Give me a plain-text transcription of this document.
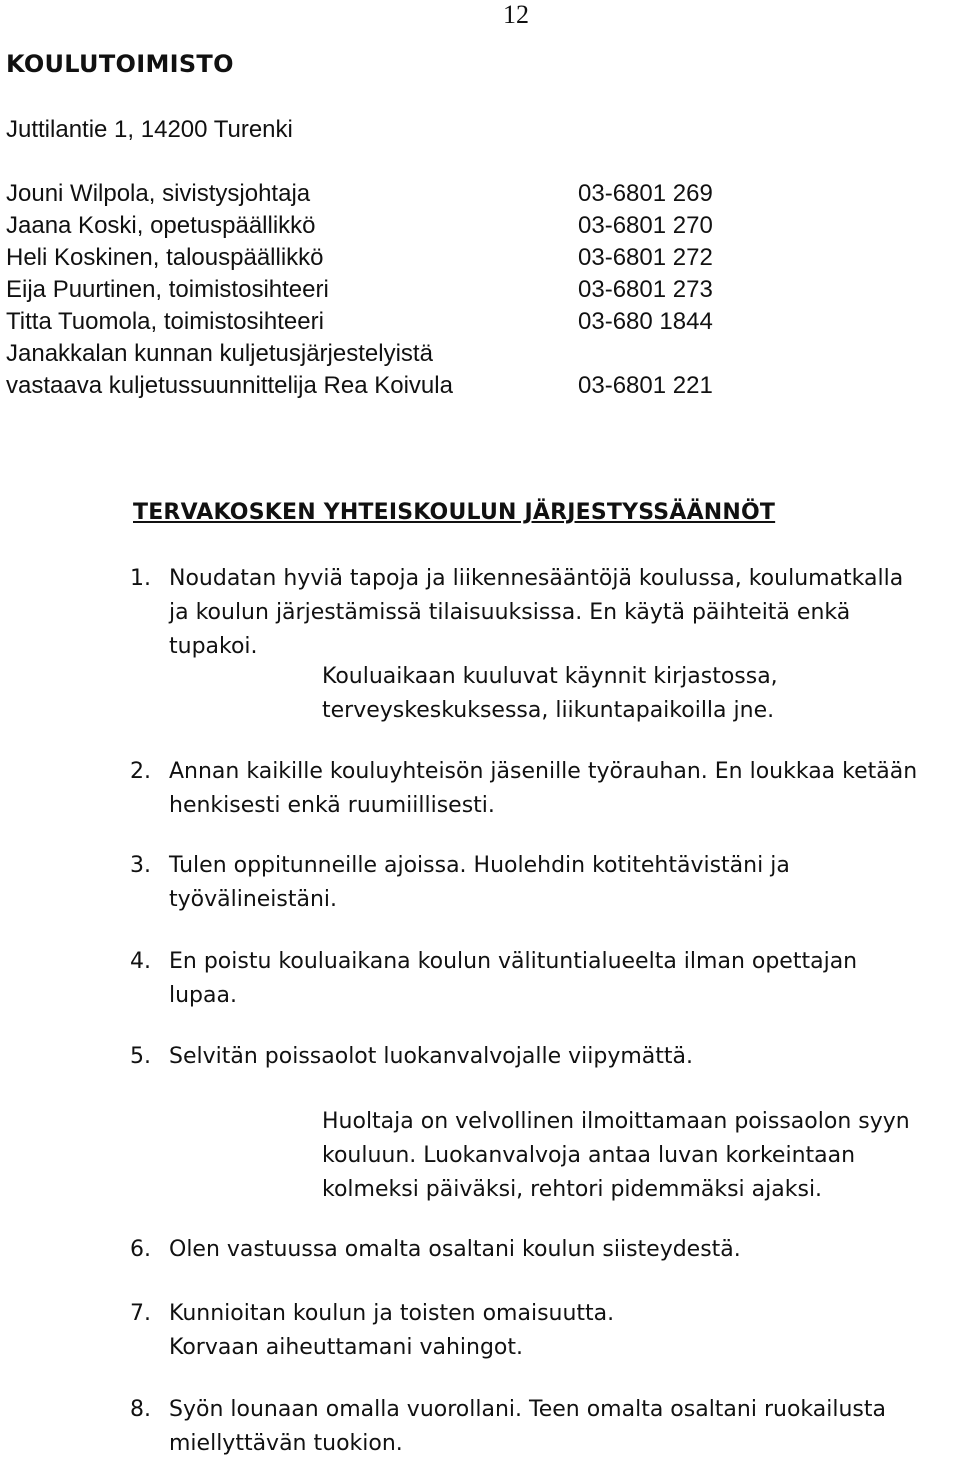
12
KOULUTOIMISTO
Juttilantie 1, 14200 Turenki
Jouni Wilpola, sivistysjohtaja	03-6801 269
Jaana Koski, opetuspäällikkö	03-6801 270
Heli Koskinen, talouspäällikkö	03-6801 272
Eija Puurtinen, toimistosihteeri	03-6801 273
Titta Tuomola, toimistosihteeri	03-680 1844
Janakkalan kunnan kuljetusjärjestelyistä
vastaava kuljetussuunnittelija Rea Koivula	03-6801 221
TERVAKOSKEN YHTEISKOULUN JÄRJESTYSSÄÄNNÖT
1. Noudatan hyviä tapoja ja liikennesääntöjä koulussa, koulumatkalla
ja koulun järjestämissä tilaisuuksissa. En käytä päihteitä enkä
tupakoi.
Kouluaikaan kuuluvat käynnit kirjastossa,
terveyskeskuksessa, liikuntapaikoilla jne.
2. Annan kaikille kouluyhteisön jäsenille työrauhan. En loukkaa ketään
henkisesti enkä ruumiillisesti.
3. Tulen oppitunneille ajoissa. Huolehdin kotitehtävistäni ja
työvälineistäni.
4. En poistu kouluaikana koulun välituntialueelta ilman opettajan
lupaa.
5. Selvitän poissaolot luokanvalvojalle viipymättä.
Huoltaja on velvollinen ilmoittamaan poissaolon syyn
kouluun. Luokanvalvoja antaa luvan korkeintaan
kolmeksi päiväksi, rehtori pidemmäksi ajaksi.
6. Olen vastuussa omalta osaltani koulun siisteydestä.
7. Kunnioitan koulun ja toisten omaisuutta.
Korvaan aiheuttamani vahingot.
8. Syön lounaan omalla vuorollani. Teen omalta osaltani ruokailusta
miellyttävän tuokion.
